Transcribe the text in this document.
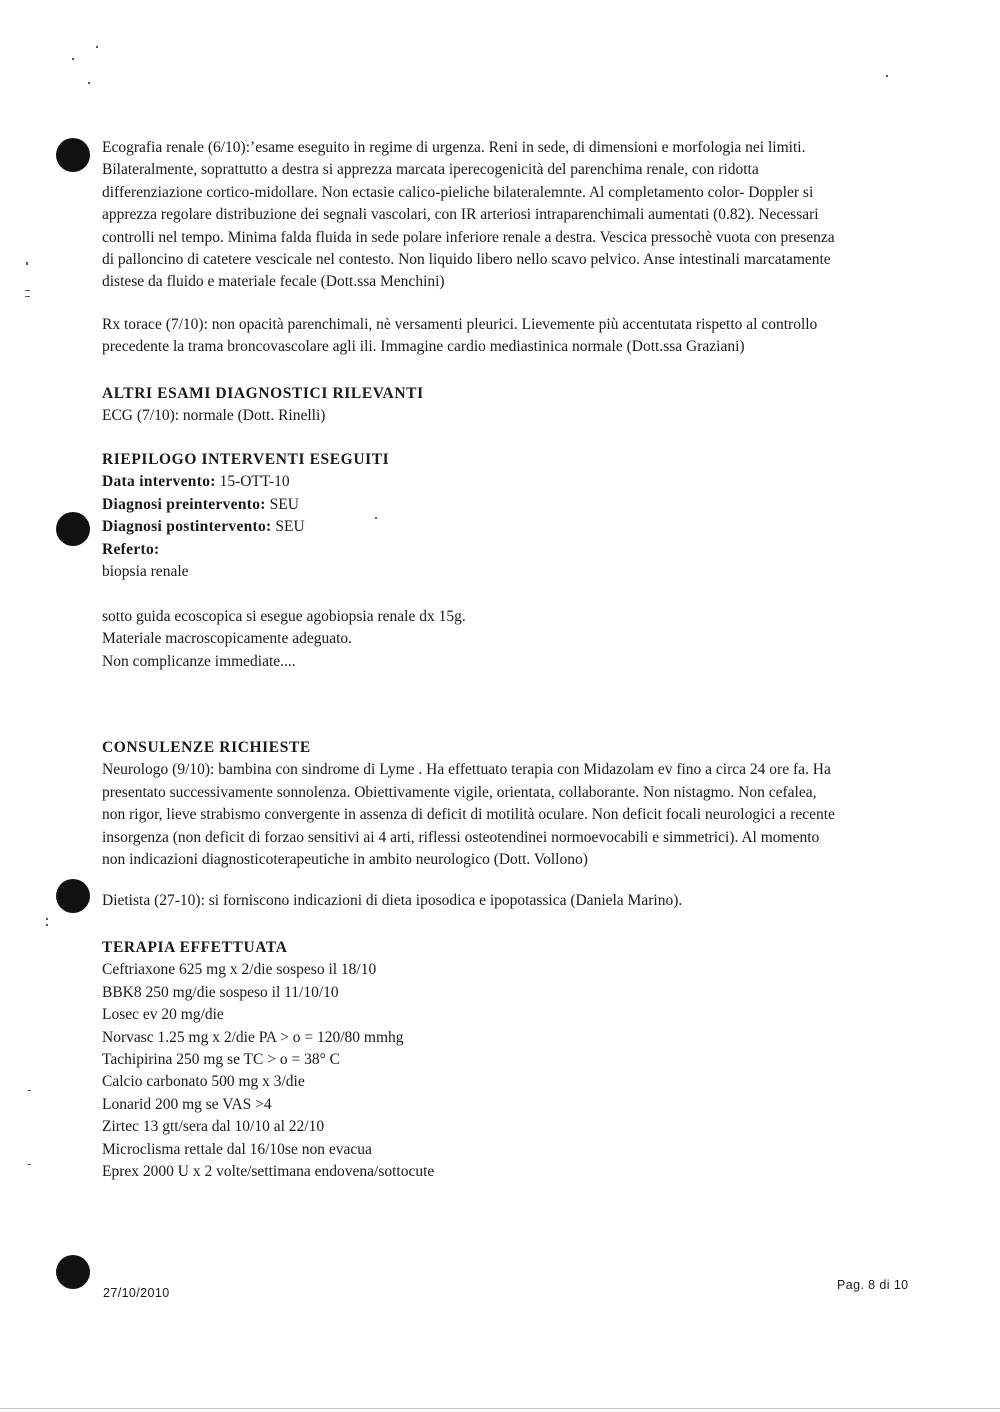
Ecografia renale (6/10):’esame eseguito in regime di urgenza. Reni in sede, di dimensioni e morfologia nei limiti.
Bilateralmente, soprattutto a destra si apprezza marcata iperecogenicità del parenchima renale, con ridotta
differenziazione cortico-midollare. Non ectasie calico-pieliche bilateralemnte. Al completamento color- Doppler si
apprezza regolare distribuzione dei segnali vascolari, con IR arteriosi intraparenchimali aumentati (0.82). Necessari
controlli nel tempo. Minima falda fluida in sede polare inferiore renale a destra. Vescica pressochè vuota con presenza
di palloncino di catetere vescicale nel contesto. Non liquido libero nello scavo pelvico. Anse intestinali marcatamente
distese da fluido e materiale fecale (Dott.ssa Menchini)
Rx torace (7/10): non opacità parenchimali, nè versamenti pleurici. Lievemente più accentutata rispetto al controllo
precedente la trama broncovascolare agli ili. Immagine cardio mediastinica normale (Dott.ssa Graziani)
ALTRI ESAMI DIAGNOSTICI RILEVANTI
ECG (7/10): normale (Dott. Rinelli)
RIEPILOGO INTERVENTI ESEGUITI
Data intervento: 15-OTT-10
Diagnosi preintervento: SEU
Diagnosi postintervento: SEU
Referto:
biopsia renale
sotto guida ecoscopica si esegue agobiopsia renale dx 15g.
Materiale macroscopicamente adeguato.
Non complicanze immediate....
CONSULENZE RICHIESTE
Neurologo (9/10): bambina con sindrome di Lyme . Ha effettuato terapia con Midazolam ev fino a circa 24 ore fa. Ha
presentato successivamente sonnolenza. Obiettivamente vigile, orientata, collaborante. Non nistagmo. Non cefalea,
non rigor, lieve strabismo convergente in assenza di deficit di motilità oculare. Non deficit focali neurologici a recente
insorgenza (non deficit di forzao sensitivi ai 4 arti, riflessi osteotendinei normoevocabili e simmetrici). Al momento
non indicazioni diagnosticoterapeutiche in ambito neurologico (Dott. Vollono)
Dietista (27-10): si forniscono indicazioni di dieta iposodica e ipopotassica (Daniela Marino).
TERAPIA EFFETTUATA
Ceftriaxone 625 mg x 2/die sospeso il 18/10
BBK8 250 mg/die sospeso il 11/10/10
Losec ev 20 mg/die
Norvasc 1.25 mg x 2/die PA > o = 120/80 mmhg
Tachipirina 250 mg se TC > o = 38° C
Calcio carbonato 500 mg x 3/die
Lonarid 200 mg se VAS >4
Zirtec 13 gtt/sera dal 10/10 al 22/10
Microclisma rettale dal 16/10se non evacua
Eprex 2000 U x 2 volte/settimana endovena/sottocute
27/10/2010
Pag. 8 di 10
